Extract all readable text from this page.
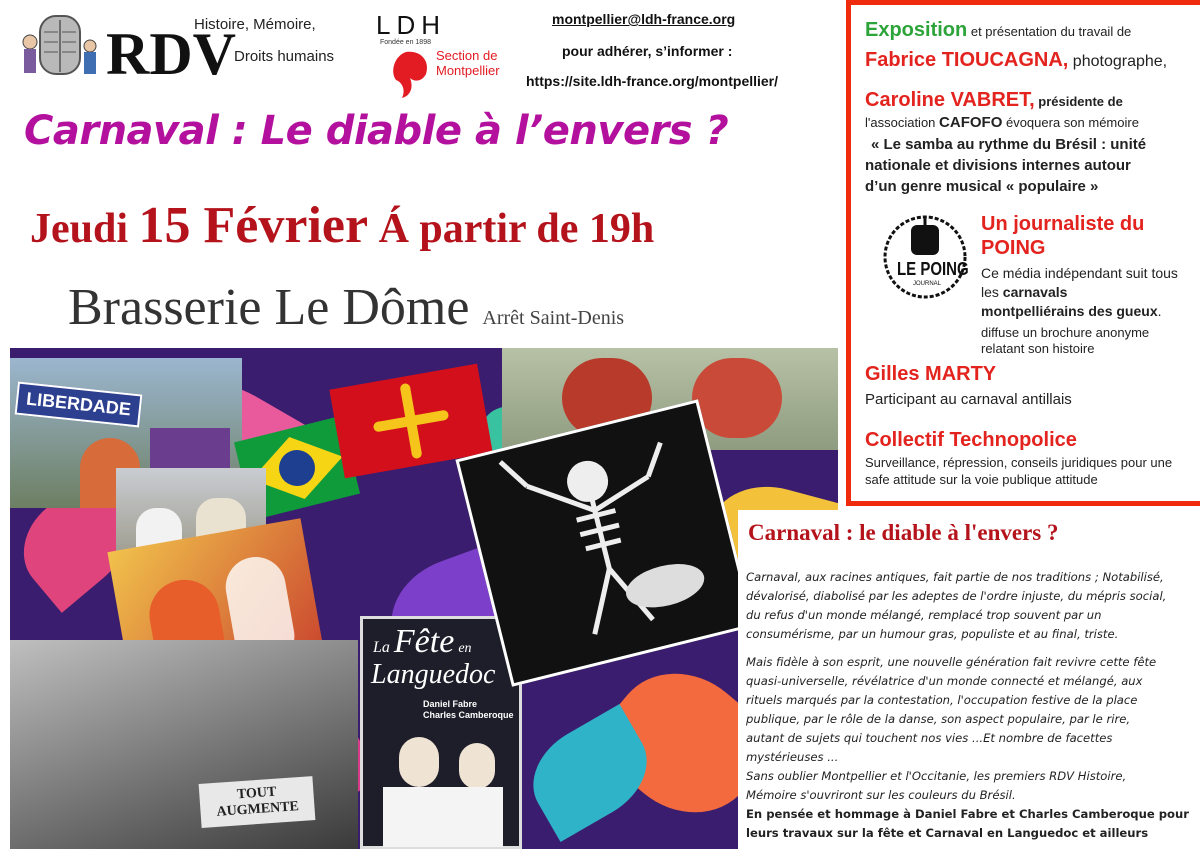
RDV
Histoire, Mémoire,
Droits humains
LDH
Fondée en 1898
Section de
Montpellier
montpellier@ldh-france.org
pour adhérer, s’informer :
https://site.ldh-france.org/montpellier/
Carnaval : Le diable à l’envers ?
Jeudi 15 Février Á partir de 19h
Brasserie Le Dôme Arrêt Saint-Denis
LIBERDADE
TOUT
AUGMENTE
La Fête en
Languedoc
Daniel Fabre
Charles Camberoque
Exposition et présentation du travail de
Fabrice TIOUCAGNA, photographe,
Caroline VABRET, présidente de
l'association CAFOFO évoquera son mémoire
« Le samba au rythme du Brésil : unité
nationale et divisions internes autour
d’un genre musical « populaire »
LE POING
JOURNAL
Un journaliste du
POING
Ce média indépendant suit tous
les carnavals
montpelliérains des gueux.
diffuse un brochure anonyme
relatant son histoire
Gilles MARTY
Participant au carnaval antillais
Collectif Technopolice
Surveillance, répression, conseils juridiques pour une
safe attitude sur la voie publique attitude
Carnaval : le diable à l'envers ?
Carnaval, aux racines antiques, fait partie de nos traditions ; Notabilisé,
dévalorisé, diabolisé par les adeptes de l'ordre injuste, du mépris social,
du refus d'un monde mélangé, remplacé trop souvent par un
consumérisme, par un humour gras, populiste et au final, triste.
Mais fidèle à son esprit, une nouvelle génération fait revivre cette fête
quasi-universelle, révélatrice d'un monde connecté et mélangé, aux
rituels marqués par la contestation, l'occupation festive de la place
publique, par le rôle de la danse, son aspect populaire, par le rire,
autant de sujets qui touchent nos vies ...Et nombre de facettes
mystérieuses ...
Sans oublier Montpellier et l'Occitanie, les premiers RDV Histoire,
Mémoire s'ouvriront sur les couleurs du Brésil.
En pensée et hommage à Daniel Fabre et Charles Camberoque pour
leurs travaux sur la fête et Carnaval en Languedoc et ailleurs
